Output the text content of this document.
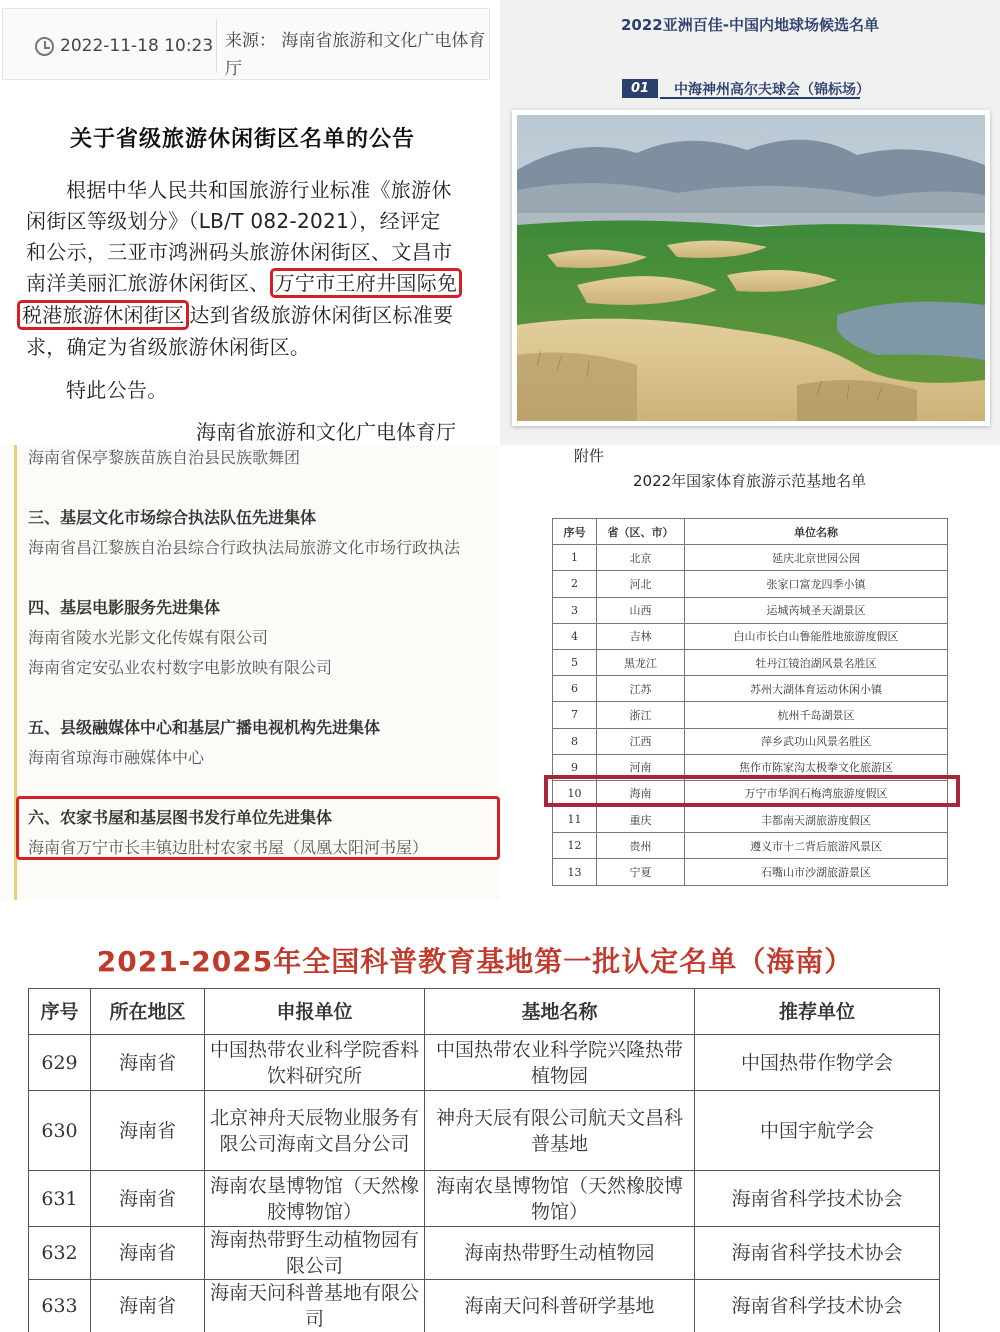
2022-11-18 10:23 来源： 海南省旅游和文化广电体育厅
关于省级旅游休闲街区名单的公告
根据中华人民共和国旅游行业标准《旅游休
闲街区等级划分》（LB/T 082-2021），经评定
和公示，三亚市鸿洲码头旅游休闲街区、文昌市
南洋美丽汇旅游休闲街区、 万宁市王府井国际免
税港旅游休闲街区 达到省级旅游休闲街区标准要
求，确定为省级旅游休闲街区。
特此公告。
海南省旅游和文化广电体育厅
2022亚洲百佳-中国内地球场候选名单
01	中海神州高尔夫球会（锦标场）
海南省保亭黎族苗族自治县民族歌舞团
三、基层文化市场综合执法队伍先进集体
海南省昌江黎族自治县综合行政执法局旅游文化市场行政执法
四、基层电影服务先进集体
海南省陵水光影文化传媒有限公司
海南省定安弘业农村数字电影放映有限公司
五、县级融媒体中心和基层广播电视机构先进集体
海南省琼海市融媒体中心
六、农家书屋和基层图书发行单位先进集体
海南省万宁市长丰镇边肚村农家书屋（凤凰太阳河书屋）
附件
2022年国家体育旅游示范基地名单
序号	省（区、市）	单位名称
1	北京	延庆北京世园公园
2	河北	张家口富龙四季小镇
3	山西	运城芮城圣天湖景区
4	吉林	白山市长白山鲁能胜地旅游度假区
5	黑龙江	牡丹江镜泊湖风景名胜区
6	江苏	苏州大湖体育运动休闲小镇
7	浙江	杭州千岛湖景区
8	江西	萍乡武功山风景名胜区
9	河南	焦作市陈家沟太极拳文化旅游区
10	海南	万宁市华润石梅湾旅游度假区
11	重庆	丰都南天湖旅游度假区
12	贵州	遵义市十二背后旅游风景区
13	宁夏	石嘴山市沙湖旅游景区
2021-2025年全国科普教育基地第一批认定名单（海南）
序号	所在地区	申报单位	基地名称	推荐单位
629	海南省	中国热带农业科学院香料饮料研究所	中国热带农业科学院兴隆热带植物园	中国热带作物学会
630	海南省	北京神舟天辰物业服务有限公司海南文昌分公司	神舟天辰有限公司航天文昌科普基地	中国宇航学会
631	海南省	海南农垦博物馆（天然橡胶博物馆）	海南农垦博物馆（天然橡胶博物馆）	海南省科学技术协会
632	海南省	海南热带野生动植物园有限公司	海南热带野生动植物园	海南省科学技术协会
633	海南省	海南天问科普基地有限公司	海南天问科普研学基地	海南省科学技术协会
